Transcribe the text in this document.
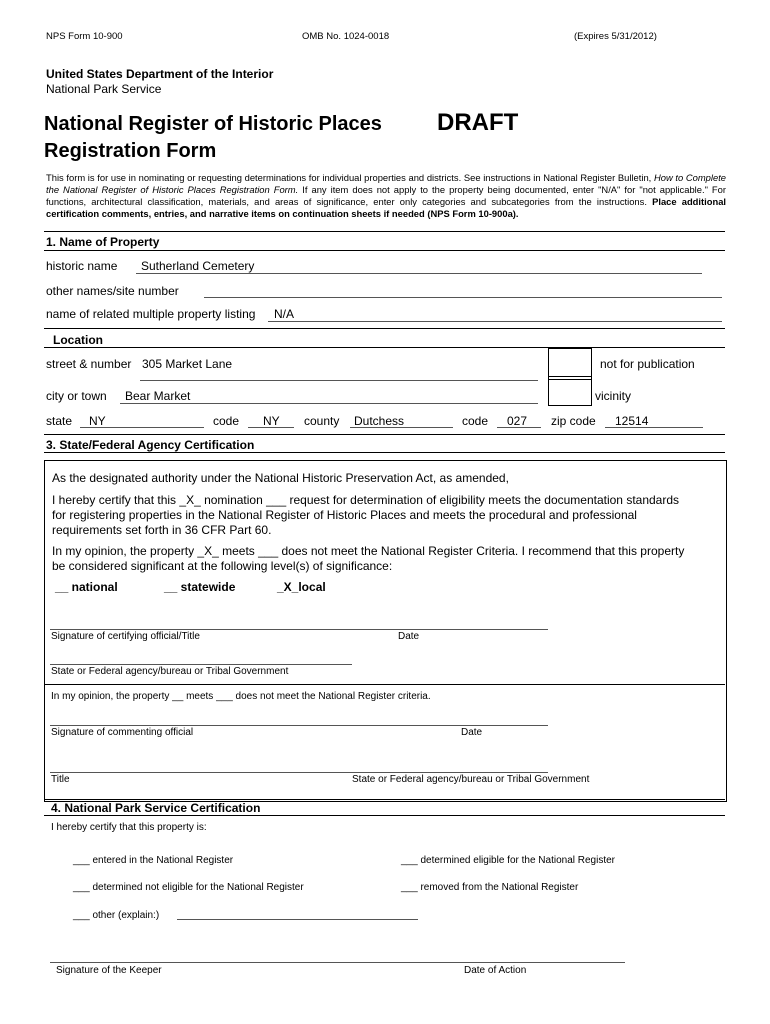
NPS Form 10-900	OMB No. 1024-0018	(Expires 5/31/2012)
United States Department of the Interior
National Park Service
National Register of Historic Places
Registration Form
DRAFT
This form is for use in nominating or requesting determinations for individual properties and districts. See instructions in National Register Bulletin, How to Complete the National Register of Historic Places Registration Form. If any item does not apply to the property being documented, enter "N/A" for "not applicable." For functions, architectural classification, materials, and areas of significance, enter only categories and subcategories from the instructions. Place additional certification comments, entries, and narrative items on continuation sheets if needed (NPS Form 10-900a).
1. Name of Property
historic name Sutherland Cemetery
other names/site number
name of related multiple property listing N/A
Location
street & number 305 Market Lane	not for publication
city or town Bear Market	vicinity
state NY	code NY county Dutchess	code 027 zip code 12514
3. State/Federal Agency Certification
As the designated authority under the National Historic Preservation Act, as amended,
I hereby certify that this _X_ nomination ___ request for determination of eligibility meets the documentation standards
for registering properties in the National Register of Historic Places and meets the procedural and professional
requirements set forth in 36 CFR Part 60.
In my opinion, the property _X_ meets ___ does not meet the National Register Criteria. I recommend that this property
be considered significant at the following level(s) of significance:
__ national	__ statewide	_X_local
Signature of certifying official/Title	Date
State or Federal agency/bureau or Tribal Government
In my opinion, the property __ meets ___ does not meet the National Register criteria.
Signature of commenting official	Date
Title	State or Federal agency/bureau or Tribal Government
4. National Park Service Certification
I hereby certify that this property is:
___ entered in the National Register	___ determined eligible for the National Register
___ determined not eligible for the National Register	___ removed from the National Register
___ other (explain:)
Signature of the Keeper	Date of Action
